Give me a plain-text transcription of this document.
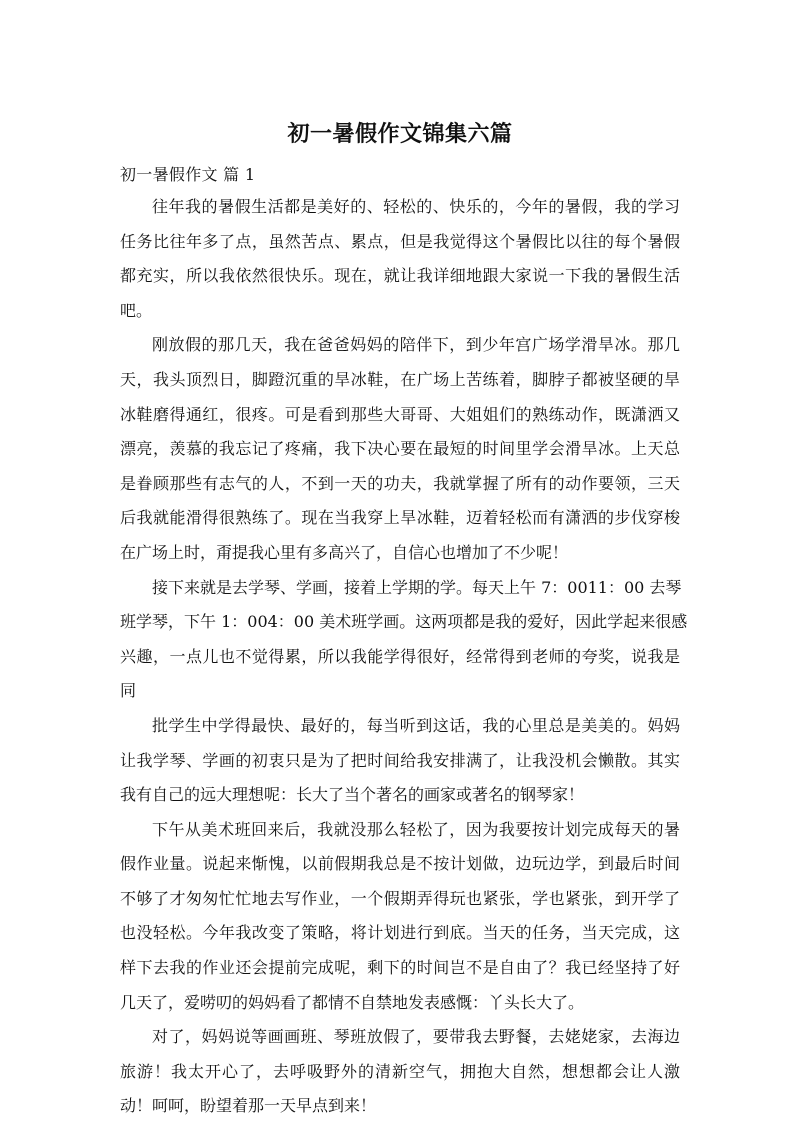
初一暑假作文锦集六篇
初一暑假作文 篇 1

往年我的暑假生活都是美好的、轻松的、快乐的，今年的暑假，我的学习
任务比往年多了点，虽然苦点、累点，但是我觉得这个暑假比以往的每个暑假
都充实，所以我依然很快乐。现在，就让我详细地跟大家说一下我的暑假生活
吧。

刚放假的那几天，我在爸爸妈妈的陪伴下，到少年宫广场学滑旱冰。那几
天，我头顶烈日，脚蹬沉重的旱冰鞋，在广场上苦练着，脚脖子都被坚硬的旱
冰鞋磨得通红，很疼。可是看到那些大哥哥、大姐姐们的熟练动作，既潇洒又
漂亮，羡慕的我忘记了疼痛，我下决心要在最短的时间里学会滑旱冰。上天总
是眷顾那些有志气的人，不到一天的功夫，我就掌握了所有的动作要领，三天
后我就能滑得很熟练了。现在当我穿上旱冰鞋，迈着轻松而有潇洒的步伐穿梭
在广场上时，甭提我心里有多高兴了，自信心也增加了不少呢！

接下来就是去学琴、学画，接着上学期的学。每天上午 7：0011：00 去琴
班学琴，下午 1：004：00 美术班学画。这两项都是我的爱好，因此学起来很感
兴趣，一点儿也不觉得累，所以我能学得很好，经常得到老师的夸奖，说我是
同

批学生中学得最快、最好的，每当听到这话，我的心里总是美美的。妈妈
让我学琴、学画的初衷只是为了把时间给我安排满了，让我没机会懒散。其实
我有自己的远大理想呢：长大了当个著名的画家或著名的钢琴家！

下午从美术班回来后，我就没那么轻松了，因为我要按计划完成每天的暑
假作业量。说起来惭愧，以前假期我总是不按计划做，边玩边学，到最后时间
不够了才匆匆忙忙地去写作业，一个假期弄得玩也紧张，学也紧张，到开学了
也没轻松。今年我改变了策略，将计划进行到底。当天的任务，当天完成，这
样下去我的作业还会提前完成呢，剩下的时间岂不是自由了？我已经坚持了好
几天了，爱唠叨的妈妈看了都情不自禁地发表感慨：丫头长大了。

对了，妈妈说等画画班、琴班放假了，要带我去野餐，去姥姥家，去海边
旅游！我太开心了，去呼吸野外的清新空气，拥抱大自然，想想都会让人激
动！呵呵，盼望着那一天早点到来！
